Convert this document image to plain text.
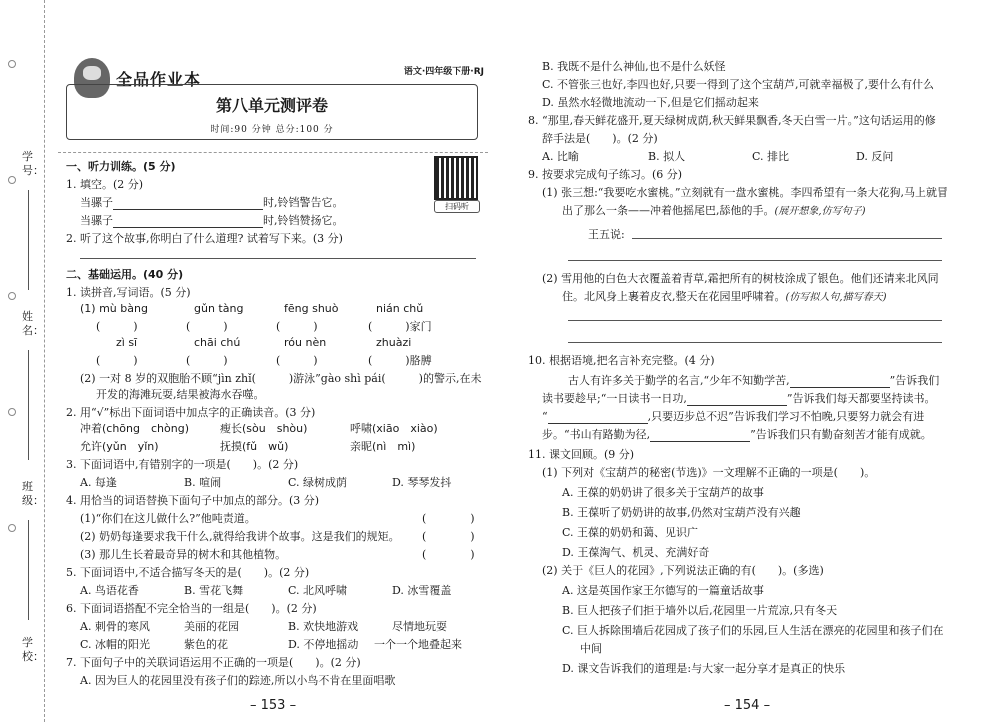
学号：
姓名：
班级：
学校：
全品作业本	语文·四年级下册·RJ
第八单元测评卷
时间:90 分钟 总分:100 分
扫码听
一、听力训练。(5 分)
1. 填空。(2 分)
当骡子	时,铃铛警告它。
当骡子	时,铃铛赞扬它。
2. 听了这个故事,你明白了什么道理? 试着写下来。(3 分)
二、基础运用。(40 分)
1. 读拼音,写词语。(5 分)
(1) mù bàng	gǔn tàng	fēng shuò	nián chǔ
(　　　)	(　　　)	(　　　)	(　　　)家门
zì sī	chāi chú	róu nèn	zhuàzi
(　　　)	(　　　)	(　　　)	(　　　)胳膊
(2) 一对 8 岁的双胞胎不顾“jìn zhǐ(　　　)游泳”gào shì pái(　　　)的警示,在未
开发的海滩玩耍,结果被海水吞噬。
2. 用“√”标出下面词语中加点字的正确读音。(3 分)
冲着(chōng　chòng)	瘦长(sòu　shòu)	呼啸(xiāo　xiào)
允许(yǔn　yǐn)	抚摸(fǔ　wǔ)	亲昵(nì　mì)
3. 下面词语中,有错别字的一项是(　　)。(2 分)
A. 每逢	B. 喧闹	C. 绿树成荫	D. 琴琴发抖
4. 用恰当的词语替换下面句子中加点的部分。(3 分)
(1)“你们在这儿做什么?”他吨责道。	(　　　　)
(2) 奶奶每逢要求我干什么,就得给我讲个故事。这是我们的规矩。 (　　　　)
(3) 那儿生长着最奇异的树木和其他植物。	(　　　　)
5. 下面词语中,不适合描写冬天的是(　　)。(2 分)
A. 鸟语花香	B. 雪花飞舞	C. 北风呼啸	D. 冰雪覆盖
6. 下面词语搭配不完全恰当的一组是(　　)。(2 分)
A. 刺骨的寒风	美丽的花园	B. 欢快地游戏	尽情地玩耍
C. 冰帽的阳光	紫色的花	D. 不停地摇动 一个一个地叠起来
7. 下面句子中的关联词语运用不正确的一项是(　　)。(2 分)
A. 因为巨人的花园里没有孩子们的踪迹,所以小鸟不肯在里面唱歌
– 153 –
B. 我既不是什么神仙,也不是什么妖怪
C. 不管张三也好,李四也好,只要一得到了这个宝葫芦,可就幸福极了,要什么有什么
D. 虽然水轻微地流动一下,但是它们摇动起来
8. “那里,春天鲜花盛开,夏天绿树成荫,秋天鲜果飘香,冬天白雪一片。”这句话运用的修
辞手法是(　　)。(2 分)
A. 比喻	B. 拟人	C. 排比	D. 反问
9. 按要求完成句子练习。(6 分)
(1) 张三想:“我要吃水蜜桃。”立刻就有一盘水蜜桃。李四希望有一条大花狗,马上就冒
出了那么一条——冲着他摇尾巴,舔他的手。(展开想象,仿写句子)
王五说:
(2) 雪用他的白色大衣覆盖着青草,霜把所有的树枝涂成了银色。他们还请来北风同
住。北风身上裹着皮衣,整天在花园里呼啸着。(仿写拟人句,描写春天)
10. 根据语境,把名言补充完整。(4 分)
古人有许多关于勤学的名言,“少年不知勤学苦,	”告诉我们
读书要趁早;“一日读书一日功,	”告诉我们每天都要坚持读书。
“	,只要迈步总不迟”告诉我们学习不怕晚,只要努力就会有进
步。“书山有路勤为径,	”告诉我们只有勤奋刻苦才能有成就。
11. 课文回顾。(9 分)
(1) 下列对《宝葫芦的秘密(节选)》一文理解不正确的一项是(　　)。
A. 王葆的奶奶讲了很多关于宝葫芦的故事
B. 王葆听了奶奶讲的故事,仍然对宝葫芦没有兴趣
C. 王葆的奶奶和蔼、见识广
D. 王葆淘气、机灵、充满好奇
(2) 关于《巨人的花园》,下列说法正确的有(　　)。(多选)
A. 这是英国作家王尔德写的一篇童话故事
B. 巨人把孩子们拒于墙外以后,花园里一片荒凉,只有冬天
C. 巨人拆除围墙后花园成了孩子们的乐园,巨人生活在漂亮的花园里和孩子们在
中间
D. 课文告诉我们的道理是:与大家一起分享才是真正的快乐
– 154 –
